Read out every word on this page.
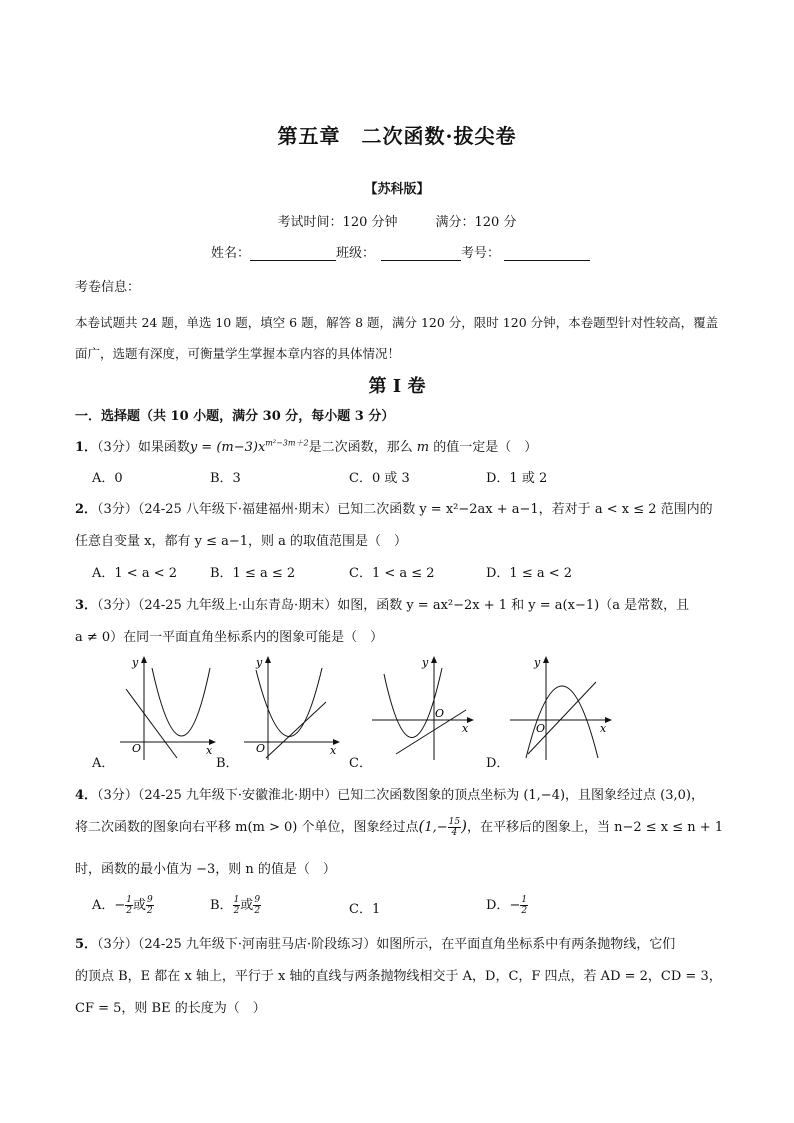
第五章　二次函数·拔尖卷
【苏科版】
考试时间：120 分钟	满分：120 分
姓名：	班级：	考号：
考卷信息：
本卷试题共 24 题，单选 10 题，填空 6 题，解答 8 题，满分 120 分，限时 120 分钟，本卷题型针对性较高，覆盖
面广，选题有深度，可衡量学生掌握本章内容的具体情况！
第 I 卷
一．选择题（共 10 小题，满分 30 分，每小题 3 分）
1．（3分）如果函数$y = (m-3)x^{m^2-3m+2}$是二次函数，那么 m 的值一定是（　）
A．0	B．3	C．0 或 3	D．1 或 2
2．（3分）（24-25 八年级下·福建福州·期末）已知二次函数 y = x²−2ax + a−1，若对于 a < x ≤ 2 范围内的
任意自变量 x，都有 y ≤ a−1，则 a 的取值范围是（　）
A．1 < a < 2	B．1 ≤ a ≤ 2	C．1 < a ≤ 2	D．1 ≤ a < 2
3．（3分）（24-25 九年级上·山东青岛·期末）如图，函数 y = ax²−2x + 1 和 y = a(x−1)（a 是常数，且
a ≠ 0）在同一平面直角坐标系内的图象可能是（　）
A．	B．	C．	D．
y
x
O
y
x
O
y
x
O
y
x
O
4．（3分）（24-25 九年级下·安徽淮北·期中）已知二次函数图象的顶点坐标为 (1,−4)，且图象经过点 (3,0)，
将二次函数的图象向右平移 m(m > 0) 个单位，图象经过点($1,- \frac{15}{4}$ )，在平移后的图象上，当 n−2 ≤ x ≤ n + 1
时，函数的最小值为 −3，则 n 的值是（　）
A．− $\frac{1}{2}$ 或 $\frac{9}{2}$	B． $\frac{1}{2}$ 或 $\frac{9}{2}$	C．1	D．− $\frac{1}{2}$
5．（3分）（24-25 九年级下·河南驻马店·阶段练习）如图所示，在平面直角坐标系中有两条抛物线，它们
的顶点 B，E 都在 x 轴上，平行于 x 轴的直线与两条抛物线相交于 A，D，C，F 四点，若 AD = 2，CD = 3，
CF = 5，则 BE 的长度为（　）
